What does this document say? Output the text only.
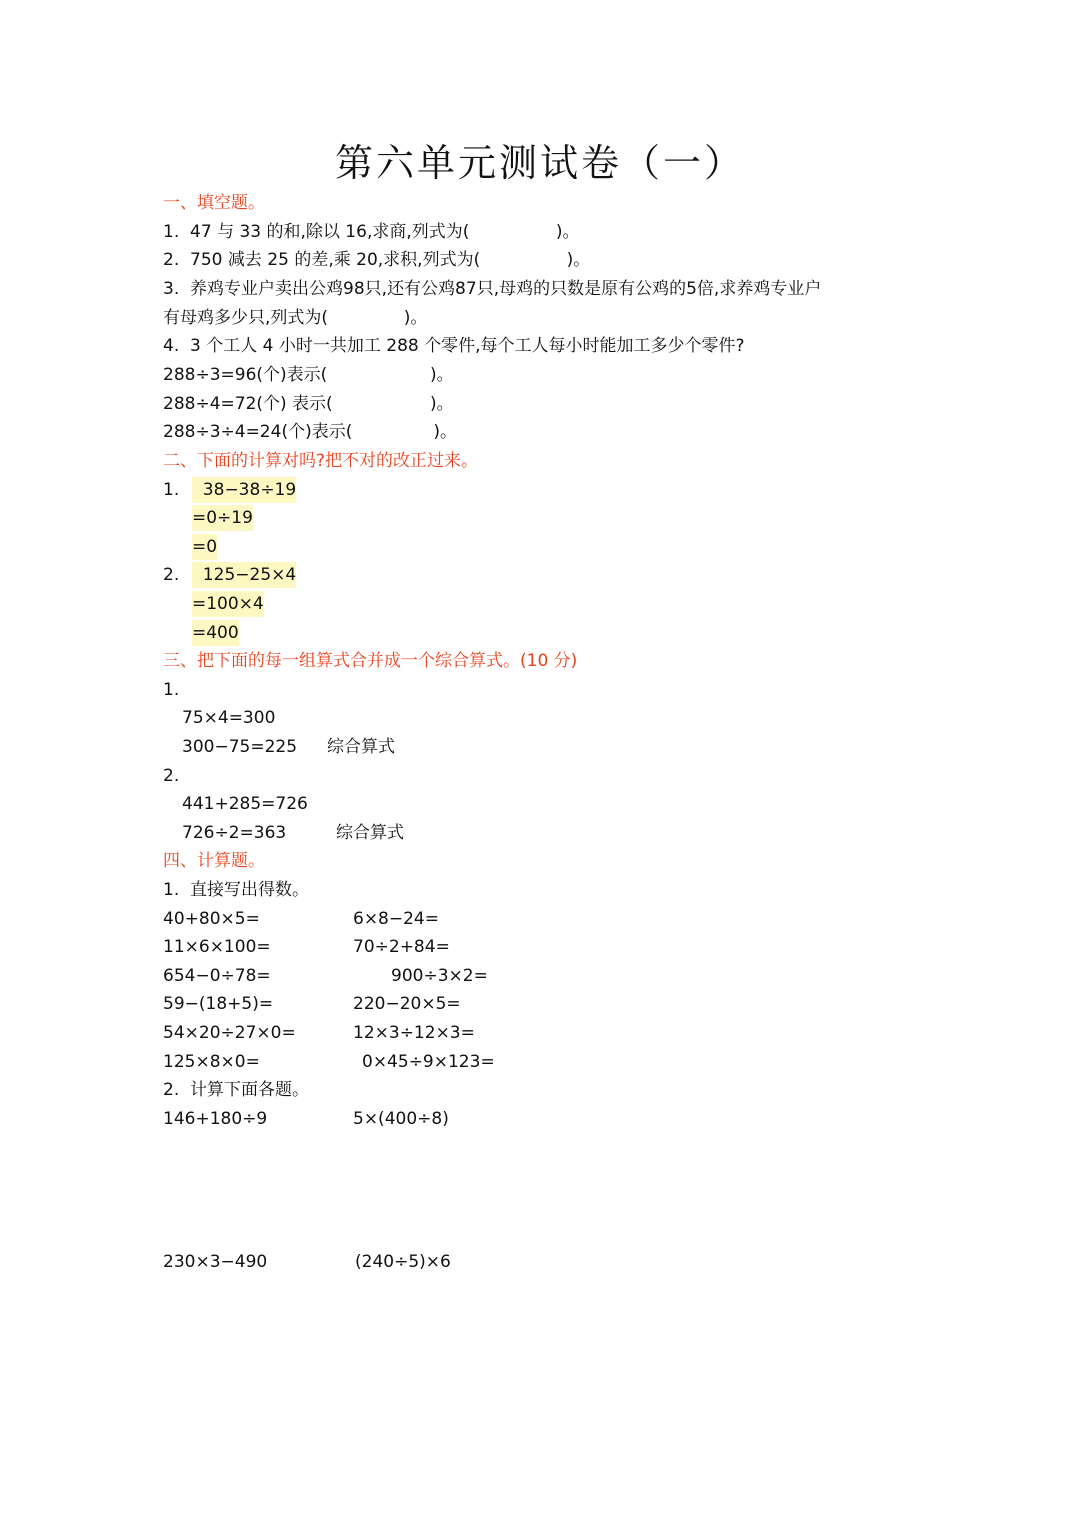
第六单元测试卷（一）
一、填空题。
1.  47 与 33 的和,除以 16,求商,列式为(                )。
2.  750 减去 25 的差,乘 20,求积,列式为(                )。
3.  养鸡专业户卖出公鸡98只,还有公鸡87只,母鸡的只数是原有公鸡的5倍,求养鸡专业户
有母鸡多少只,列式为(              )。
4.  3 个工人 4 小时一共加工 288 个零件,每个工人每小时能加工多少个零件?
288÷3=96(个)表示(                   )。
288÷4=72(个) 表示(                  )。
288÷3÷4=24(个)表示(               )。
二、下面的计算对吗?把不对的改正过来。
1. 38−38÷19
=0÷19
=0
2. 125−25×4
=100×4
=400
三、把下面的每一组算式合并成一个综合算式。(10 分)
1.
75×4=300
300−75=225 综合算式
2.
441+285=726
726÷2=363	综合算式
四、计算题。
1.  直接写出得数。
40+80×5=	6×8−24=
11×6×100=	70÷2+84=
654−0÷78=	900÷3×2=
59−(18+5)=	220−20×5=
54×20÷27×0=	12×3÷12×3=
125×8×0=	0×45÷9×123=
2.  计算下面各题。
146+180÷9	5×(400÷8)
230×3−490	(240÷5)×6
